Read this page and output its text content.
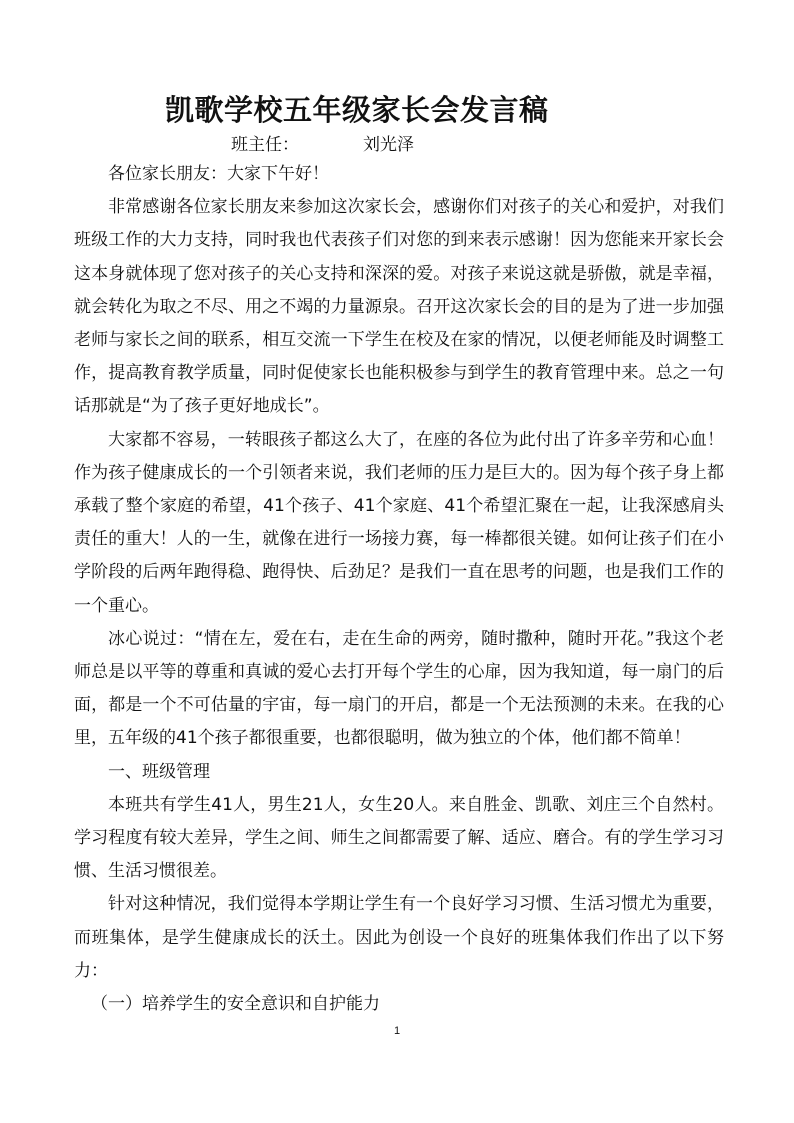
凯歌学校五年级家长会发言稿
班主任：	刘光泽

各位家长朋友：大家下午好！

非常感谢各位家长朋友来参加这次家长会，感谢你们对孩子的关心和爱护，对我们班级工作的大力支持，同时我也代表孩子们对您的到来表示感谢！因为您能来开家长会这本身就体现了您对孩子的关心支持和深深的爱。对孩子来说这就是骄傲，就是幸福，就会转化为取之不尽、用之不竭的力量源泉。召开这次家长会的目的是为了进一步加强老师与家长之间的联系，相互交流一下学生在校及在家的情况，以便老师能及时调整工作，提高教育教学质量，同时促使家长也能积极参与到学生的教育管理中来。总之一句话那就是“为了孩子更好地成长”。

大家都不容易，一转眼孩子都这么大了，在座的各位为此付出了许多辛劳和心血！作为孩子健康成长的一个引领者来说，我们老师的压力是巨大的。因为每个孩子身上都承载了整个家庭的希望，41个孩子、41个家庭、41个希望汇聚在一起，让我深感肩头责任的重大！人的一生，就像在进行一场接力赛，每一棒都很关键。如何让孩子们在小学阶段的后两年跑得稳、跑得快、后劲足？是我们一直在思考的问题，也是我们工作的一个重心。

冰心说过：“情在左，爱在右，走在生命的两旁，随时撒种，随时开花。”我这个老师总是以平等的尊重和真诚的爱心去打开每个学生的心扉，因为我知道，每一扇门的后面，都是一个不可估量的宇宙，每一扇门的开启，都是一个无法预测的未来。在我的心里，五年级的41个孩子都很重要，也都很聪明，做为独立的个体，他们都不简单！

一、班级管理

本班共有学生41人，男生21人，女生20人。来自胜金、凯歌、刘庄三个自然村。学习程度有较大差异，学生之间、师生之间都需要了解、适应、磨合。有的学生学习习惯、生活习惯很差。

针对这种情况，我们觉得本学期让学生有一个良好学习习惯、生活习惯尤为重要，而班集体，是学生健康成长的沃土。因此为创设一个良好的班集体我们作出了以下努力：

（一）培养学生的安全意识和自护能力

1
